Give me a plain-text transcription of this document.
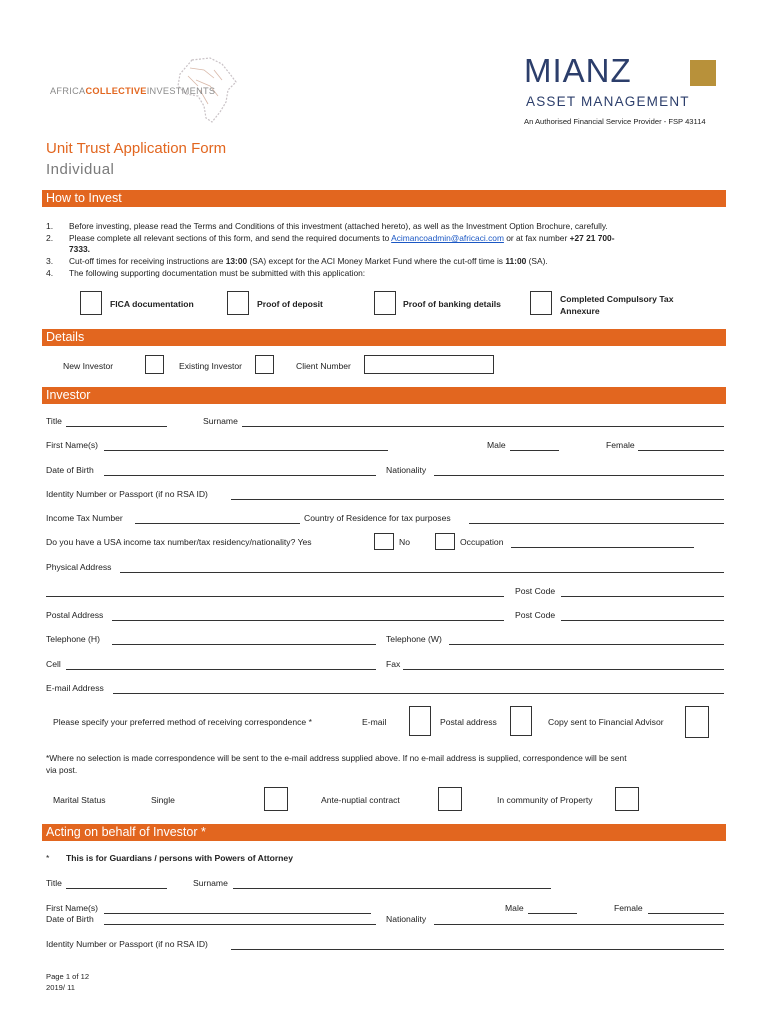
AFRICACOLLECTIVEINVESTMENTS
MIANZ
ASSET MANAGEMENT
An Authorised Financial Service Provider - FSP 43114
Unit Trust Application Form
Individual
How to Invest
1. Before investing, please read the Terms and Conditions of this investment (attached hereto), as well as the Investment Option Brochure, carefully.
2. Please complete all relevant sections of this form, and send the required documents to Acimancoadmin@africaci.com or at fax number +27 21 700-
7333.
3. Cut-off times for receiving instructions are 13:00 (SA) except for the ACI Money Market Fund where the cut-off time is 11:00 (SA).
4. The following supporting documentation must be submitted with this application:
FICA documentation	Proof of deposit	Proof of banking details	Completed Compulsory Tax
Annexure
Details
New Investor	Existing Investor	Client Number
Investor
Title	Surname
First Name(s)	Male	Female
Date of Birth	Nationality
Identity Number or Passport (if no RSA ID)
Income Tax Number	Country of Residence for tax purposes
Do you have a USA income tax number/tax residency/nationality? Yes	No	Occupation
Physical Address
Post Code
Postal Address	Post Code
Telephone (H)	Telephone (W)
Cell	Fax
E-mail Address
Please specify your preferred method of receiving correspondence *	E-mail	Postal address	Copy sent to Financial Advisor
*Where no selection is made correspondence will be sent to the e-mail address supplied above. If no e-mail address is supplied, correspondence will be sent
via post.
Marital Status	Single	Ante-nuptial contract	In community of Property
Acting on behalf of Investor *
* This is for Guardians / persons with Powers of Attorney
Title	Surname
First Name(s)	Male	Female
Date of Birth	Nationality
Identity Number or Passport (if no RSA ID)
Page 1 of 12
2019/ 11
